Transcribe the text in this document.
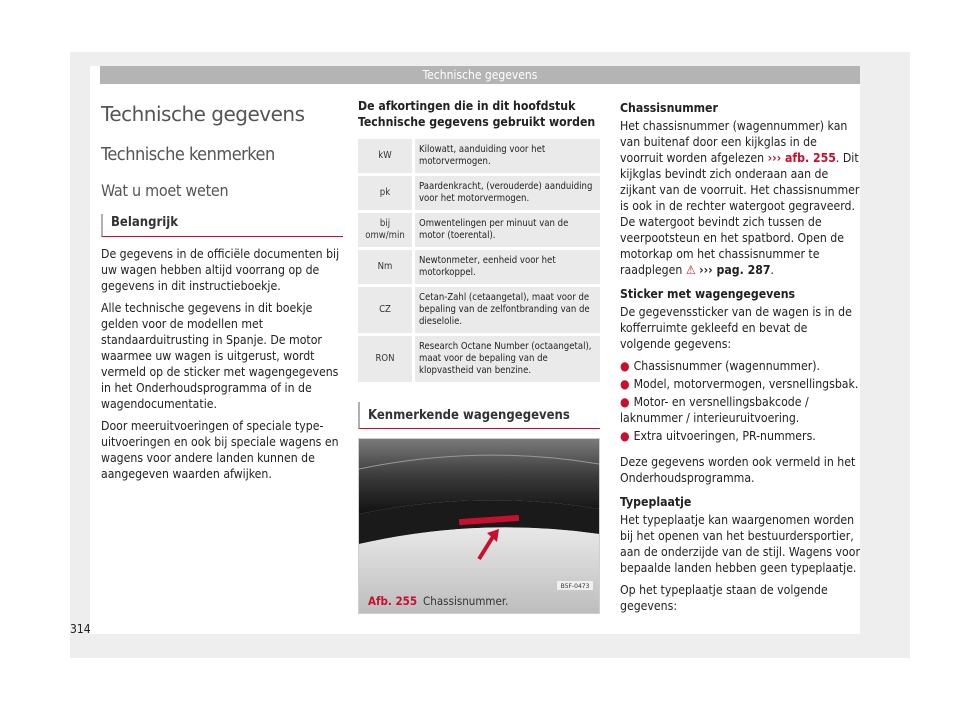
Technische gegevens
Technische gegevens
Technische kenmerken
Wat u moet weten
Belangrijk

De gegevens in de officiële documenten bij uw wagen hebben altijd voorrang op de gegevens in dit instructieboekje.

Alle technische gegevens in dit boekje gelden voor de modellen met standaarduitrusting in Spanje. De motor waarmee uw wagen is uitgerust, wordt vermeld op de sticker met wagengegevens in het Onderhoudsprogramma of in de wagendocumentatie.

Door meeruitvoeringen of speciale type-uitvoeringen en ook bij speciale wagens en wagens voor andere landen kunnen de aangegeven waarden afwijken.

De afkortingen die in dit hoofdstuk Technische gegevens gebruikt worden
kW	Kilowatt, aanduiding voor het motorvermogen.
pk	Paardenkracht, (verouderde) aanduiding voor het motorvermogen.
bij omw/min	Omwentelingen per minuut van de motor (toerental).
Nm	Newtonmeter, eenheid voor het motorkoppel.
CZ	Cetan-Zahl (cetaangetal), maat voor de bepaling van de zelfontbranding van de dieselolie.
RON	Research Octane Number (octaangetal), maat voor de bepaling van de klopvastheid van benzine.
Kenmerkende wagengegevens
B5F-0473
Afb. 255 Chassisnummer.

Chassisnummer

Het chassisnummer (wagennummer) kan van buitenaf door een kijkglas in de voorruit worden afgelezen ››› afb. 255. Dit kijkglas bevindt zich onderaan aan de zijkant van de voorruit. Het chassisnummer is ook in de rechter watergoot gegraveerd. De watergoot bevindt zich tussen de veerpootsteun en het spatbord. Open de motorkap om het chassisnummer te raadplegen ⚠ ››› pag. 287.

Sticker met wagengegevens

De gegevenssticker van de wagen is in de kofferruimte gekleefd en bevat de volgende gegevens:

● Chassisnummer (wagennummer).

● Model, motorvermogen, versnellingsbak.

● Motor- en versnellingsbakcode / laknummer / interieuruitvoering.

● Extra uitvoeringen, PR-nummers.

Deze gegevens worden ook vermeld in het Onderhoudsprogramma.

Typeplaatje

Het typeplaatje kan waargenomen worden bij het openen van het bestuurdersportier, aan de onderzijde van de stijl. Wagens voor bepaalde landen hebben geen typeplaatje.

Op het typeplaatje staan de volgende gegevens:

314
